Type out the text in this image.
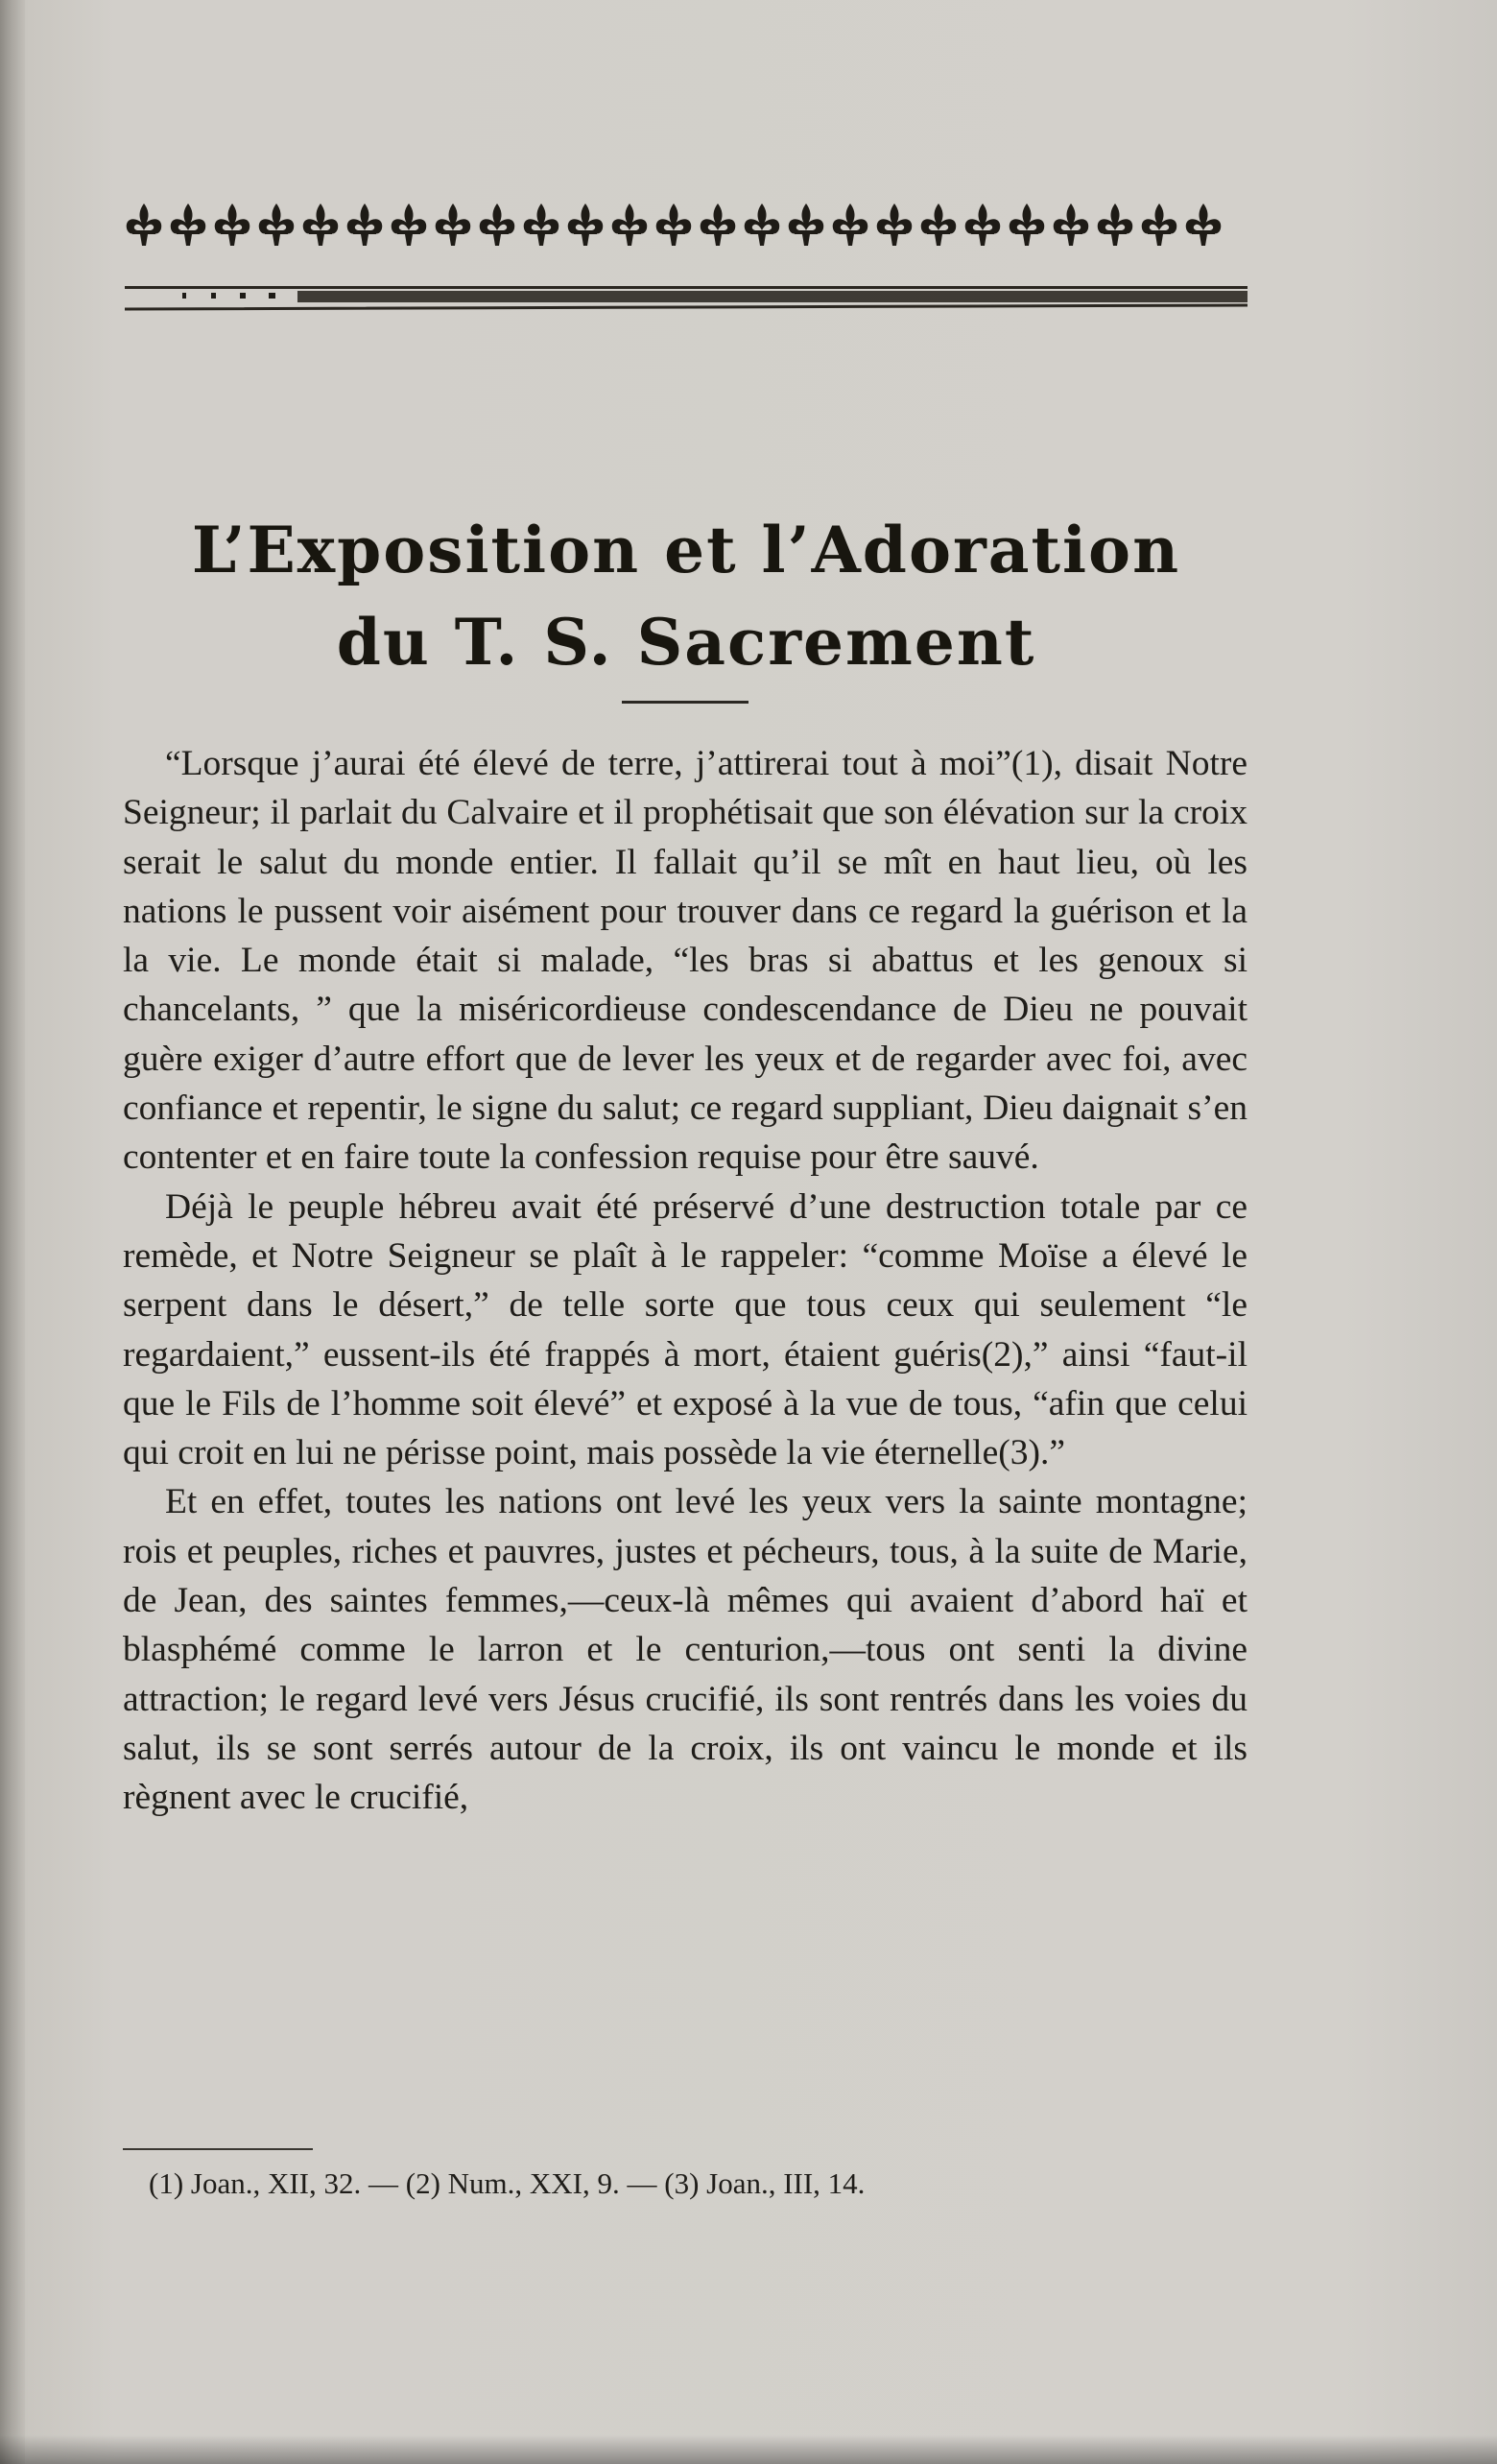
L’Exposition et l’Adoration
du T. S. Sacrement

“Lorsque j’aurai été élevé de terre, j’attirerai tout à moi”(1), disait Notre Seigneur; il parlait du Calvaire et il prophétisait que son élévation sur la croix serait le salut du monde entier. Il fallait qu’il se mît en haut lieu, où les nations le pussent voir aisément pour trouver dans ce regard la guérison et la la vie. Le monde était si malade, “les bras si abattus et les genoux si chancelants, ” que la miséricordieuse condescendance de Dieu ne pouvait guère exiger d’autre effort que de lever les yeux et de regarder avec foi, avec confiance et repentir, le signe du salut; ce regard suppliant, Dieu daignait s’en contenter et en faire toute la confession requise pour être sauvé.

Déjà le peuple hébreu avait été préservé d’une destruction totale par ce remède, et Notre Seigneur se plaît à le rappeler: “comme Moïse a élevé le serpent dans le désert,” de telle sorte que tous ceux qui seulement “le regardaient,” eussent-ils été frappés à mort, étaient guéris(2),” ainsi “faut-il que le Fils de l’homme soit élevé” et exposé à la vue de tous, “afin que celui qui croit en lui ne périsse point, mais possède la vie éternelle(3).”

Et en effet, toutes les nations ont levé les yeux vers la sainte montagne; rois et peuples, riches et pauvres, justes et pécheurs, tous, à la suite de Marie, de Jean, des saintes femmes,—ceux-là mêmes qui avaient d’abord haï et blasphémé comme le larron et le centurion,—tous ont senti la divine attraction; le regard levé vers Jésus crucifié, ils sont rentrés dans les voies du salut, ils se sont serrés autour de la croix, ils ont vaincu le monde et ils règnent avec le crucifié,

(1) Joan., XII, 32. — (2) Num., XXI, 9. — (3) Joan., III, 14.
